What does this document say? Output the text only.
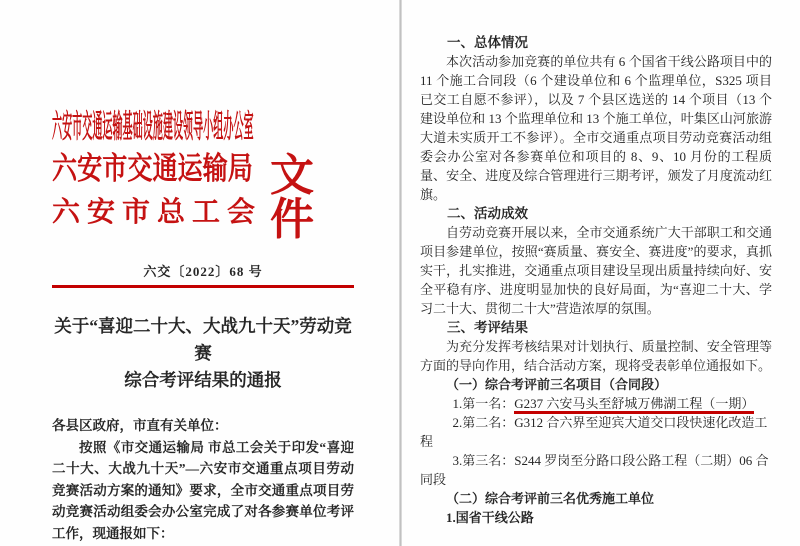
六安市交通运输基础设施建设领导小组办公室
六安市交通运输局
六安市总工会
文件
六交〔2022〕68 号
关于“喜迎二十大、大战九十天”劳动竞赛
综合考评结果的通报

各县区政府，市直有关单位：

按照《市交通运输局 市总工会关于印发“喜迎二十大、大战九十天”—六安市交通重点项目劳动竞赛活动方案的通知》要求，全市交通重点项目劳动竞赛活动组委会办公室完成了对各参赛单位考评工作，现通报如下：

一、总体情况

本次活动参加竞赛的单位共有 6 个国省干线公路项目中的 11 个施工合同段（6 个建设单位和 6 个监理单位，S325 项目已交工自愿不参评），以及 7 个县区选送的 14 个项目（13 个建设单位和 13 个监理单位和 13 个施工单位，叶集区山河旅游大道未实质开工不参评）。全市交通重点项目劳动竞赛活动组委会办公室对各参赛单位和项目的 8、9、10 月份的工程质量、安全、进度及综合管理进行三期考评，颁发了月度流动红旗。

二、活动成效

自劳动竞赛开展以来，全市交通系统广大干部职工和交通项目参建单位，按照“赛质量、赛安全、赛进度”的要求，真抓实干，扎实推进，交通重点项目建设呈现出质量持续向好、安全平稳有序、进度明显加快的良好局面，为“喜迎二十大、学习二十大、贯彻二十大”营造浓厚的氛围。

三、考评结果

为充分发挥考核结果对计划执行、质量控制、安全管理等方面的导向作用，结合活动方案，现将受表彰单位通报如下。

（一）综合考评前三名项目（合同段）

1.第一名：G237 六安马头至舒城万佛湖工程（一期）

2.第二名：G312 合六界至迎宾大道交口段快速化改造工程

3.第三名：S244 罗岗至分路口段公路工程（二期）06 合同段

（二）综合考评前三名优秀施工单位

1.国省干线公路
